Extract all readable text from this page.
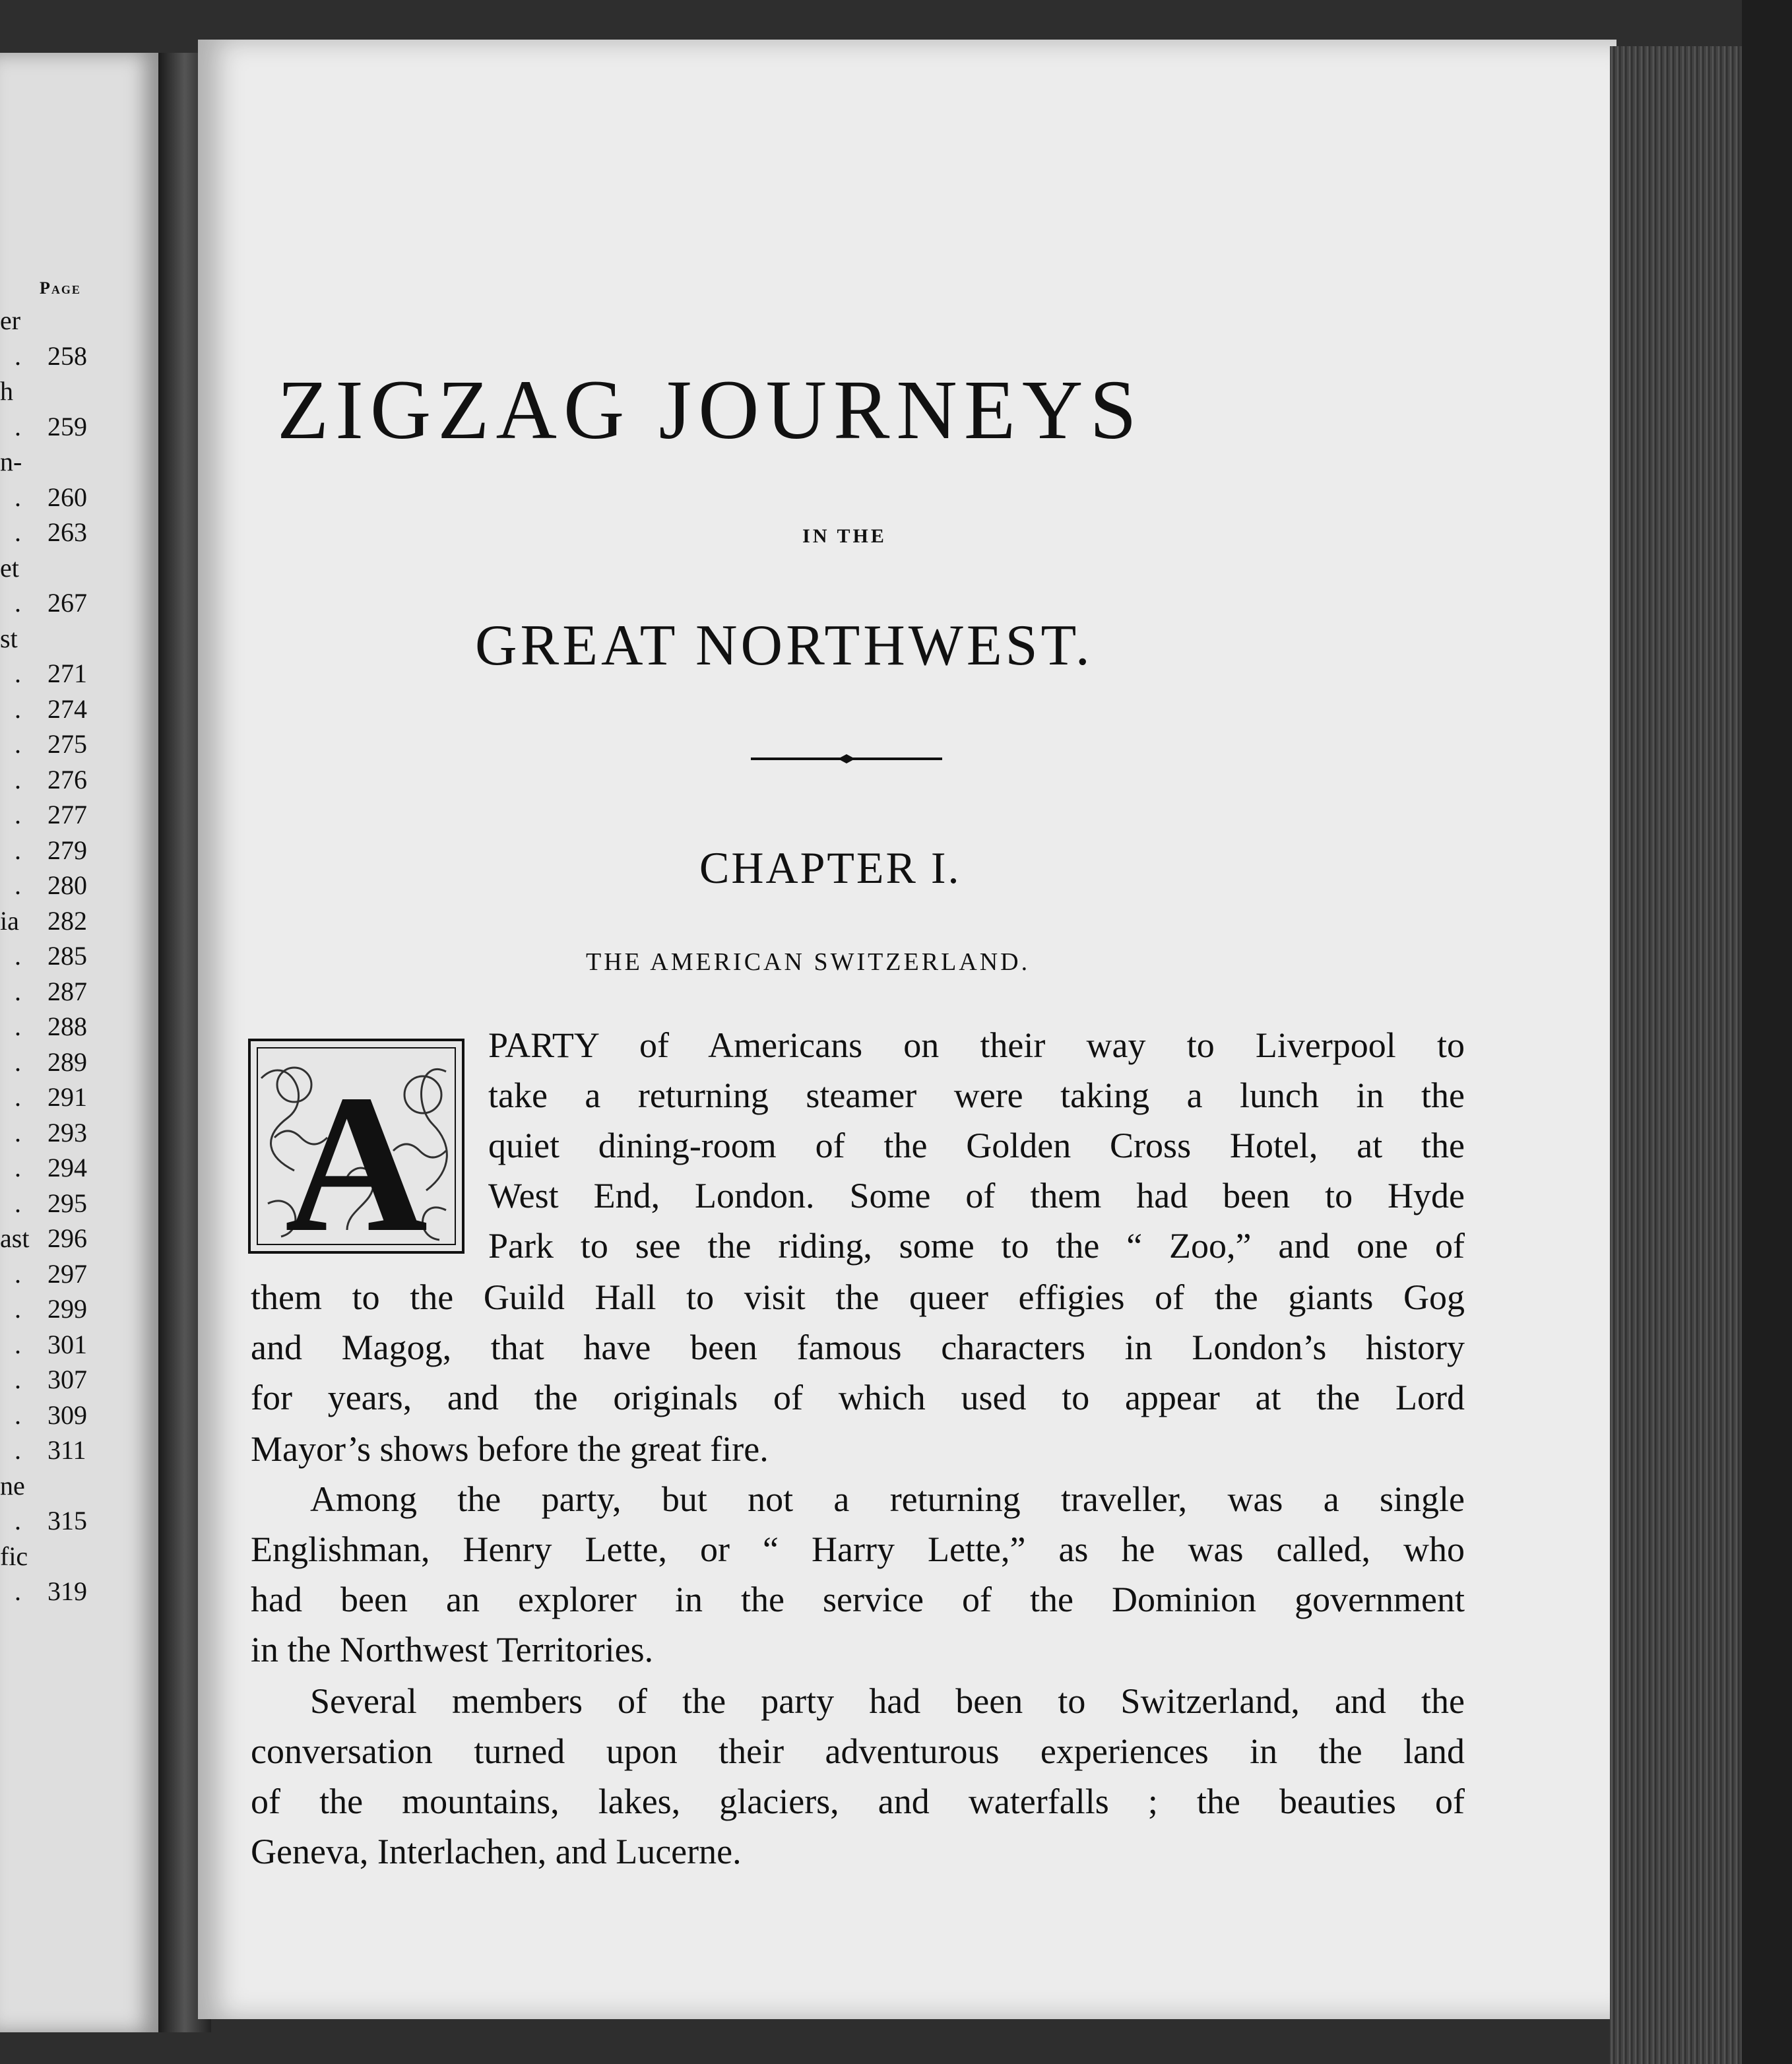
Page
er
. 258
h
. 259
n-
. 260
. 263
et
. 267
st
. 271
. 274
. 275
. 276
. 277
. 279
. 280
ia 282
. 285
. 287
. 288
. 289
. 291
. 293
. 294
. 295
ast 296
. 297
. 299
. 301
. 307
. 309
. 311
ne
. 315
fic
. 319
ZIGZAG JOURNEYS
IN THE
GREAT NORTHWEST.
CHAPTER I.
THE AMERICAN SWITZERLAND.
A
PARTY of Americans on their way to Liverpool to
take a returning steamer were taking a lunch in the
quiet dining-room of the Golden Cross Hotel, at the
West End, London. Some of them had been to Hyde
Park to see the riding, some to the “ Zoo,” and one of
them to the Guild Hall to visit the queer effigies of the giants Gog
and Magog, that have been famous characters in London’s history
for years, and the originals of which used to appear at the Lord
Mayor’s shows before the great fire.
Among the party, but not a returning traveller, was a single
Englishman, Henry Lette, or “ Harry Lette,” as he was called, who
had been an explorer in the service of the Dominion government
in the Northwest Territories.
Several members of the party had been to Switzerland, and the
conversation turned upon their adventurous experiences in the land
of the mountains, lakes, glaciers, and waterfalls ; the beauties of
Geneva, Interlachen, and Lucerne.
